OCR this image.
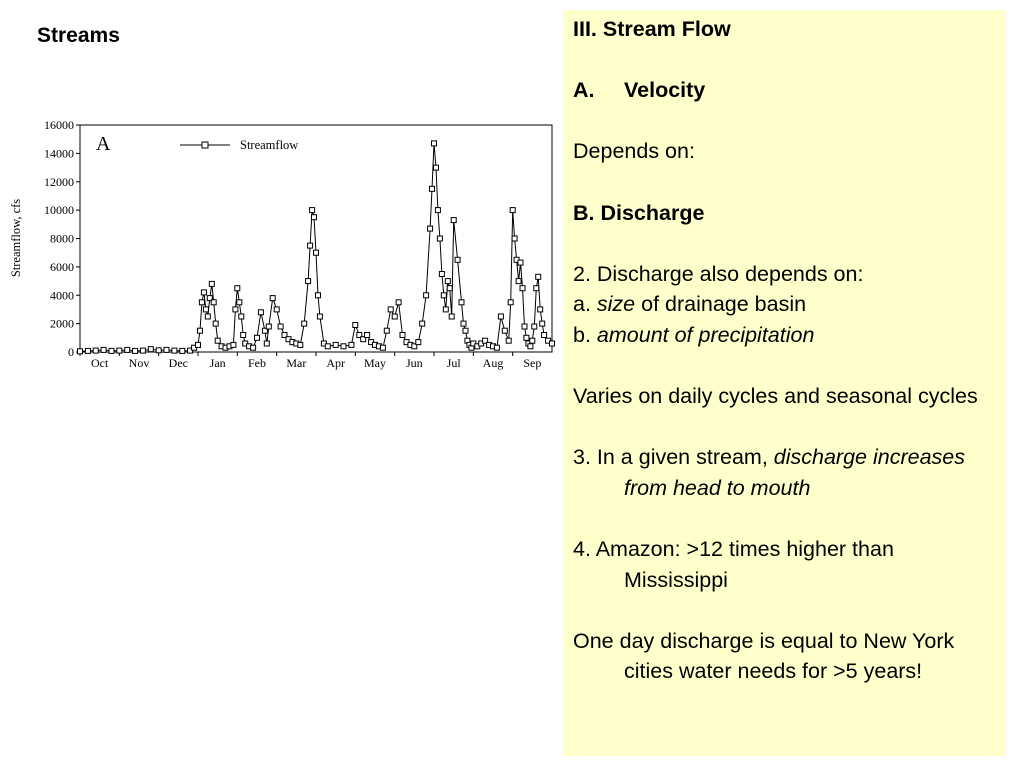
Streams
A	Streamflow
Streamflow, cfs
0
2000
4000
6000
8000
10000
12000
14000
16000
Oct Nov Dec Jan Feb Mar Apr May Jun Jul Aug Sep

III. Stream Flow

A.	Velocity

Depends on:

B. Discharge

2. Discharge also depends on:

a. size of drainage basin

b. amount of precipitation

Varies on daily cycles and seasonal cycles

3. In a given stream, discharge increases from head to mouth

4. Amazon: >12 times higher than Mississippi

One day discharge is equal to New York cities water needs for >5 years!
